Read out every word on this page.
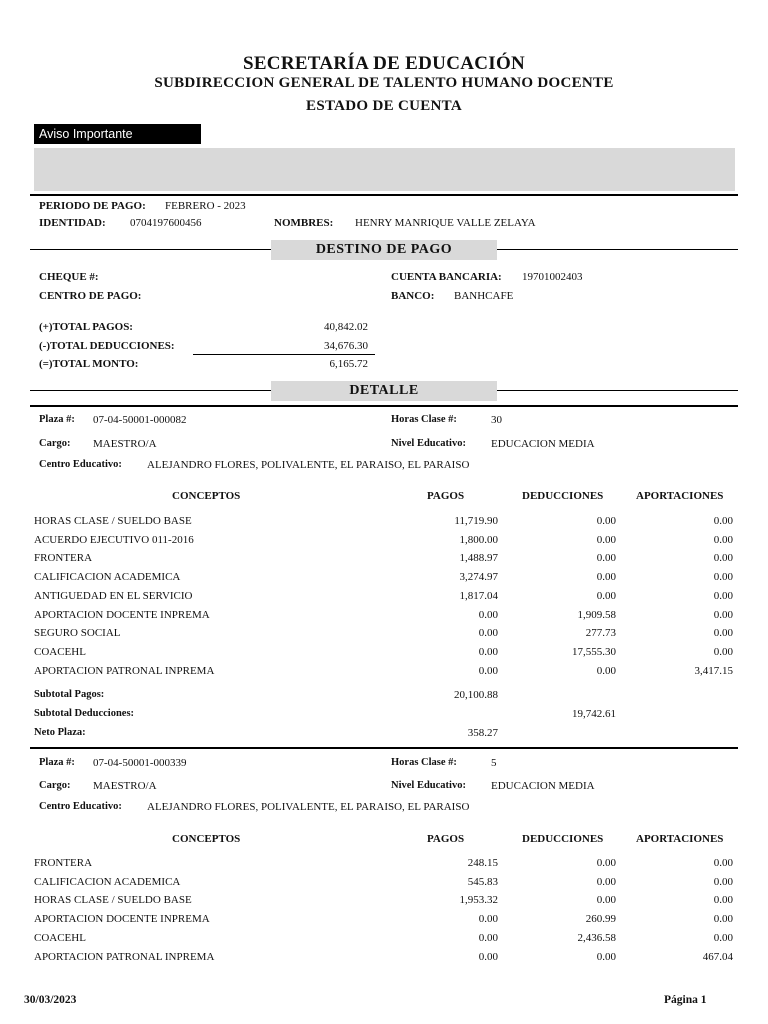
SECRETARÍA DE EDUCACIÓN
SUBDIRECCION GENERAL DE TALENTO HUMANO DOCENTE
ESTADO DE CUENTA
Aviso Importante
PERIODO DE PAGO: FEBRERO - 2023
IDENTIDAD: 0704197600456	NOMBRES: HENRY MANRIQUE VALLE ZELAYA
DESTINO DE PAGO
CHEQUE #:
CENTRO DE PAGO:
CUENTA BANCARIA: 19701002403
BANCO: BANHCAFE
(+)TOTAL PAGOS:	40,842.02
(-)TOTAL DEDUCCIONES:	34,676.30
(=)TOTAL MONTO:	6,165.72
DETALLE
Plaza #: 07-04-50001-000082	Horas Clase #:	30
Cargo: MAESTRO/A	Nivel Educativo: EDUCACION MEDIA
Centro Educativo: ALEJANDRO FLORES, POLIVALENTE, EL PARAISO, EL PARAISO
CONCEPTOS	PAGOS	DEDUCCIONES	APORTACIONES
HORAS CLASE / SUELDO BASE	11,719.90	0.00	0.00
ACUERDO EJECUTIVO 011-2016	1,800.00	0.00	0.00
FRONTERA	1,488.97	0.00	0.00
CALIFICACION ACADEMICA	3,274.97	0.00	0.00
ANTIGUEDAD EN EL SERVICIO	1,817.04	0.00	0.00
APORTACION DOCENTE INPREMA	0.00	1,909.58	0.00
SEGURO SOCIAL	0.00	277.73	0.00
COACEHL	0.00	17,555.30	0.00
APORTACION PATRONAL INPREMA	0.00	0.00	3,417.15
Subtotal Pagos:	20,100.88
Subtotal Deducciones:	19,742.61
Neto Plaza:	358.27
Plaza #: 07-04-50001-000339	Horas Clase #:	5
Cargo: MAESTRO/A	Nivel Educativo: EDUCACION MEDIA
Centro Educativo: ALEJANDRO FLORES, POLIVALENTE, EL PARAISO, EL PARAISO
CONCEPTOS	PAGOS	DEDUCCIONES	APORTACIONES
FRONTERA	248.15	0.00	0.00
CALIFICACION ACADEMICA	545.83	0.00	0.00
HORAS CLASE / SUELDO BASE	1,953.32	0.00	0.00
APORTACION DOCENTE INPREMA	0.00	260.99	0.00
COACEHL	0.00	2,436.58	0.00
APORTACION PATRONAL INPREMA	0.00	0.00	467.04
30/03/2023	Página 1
